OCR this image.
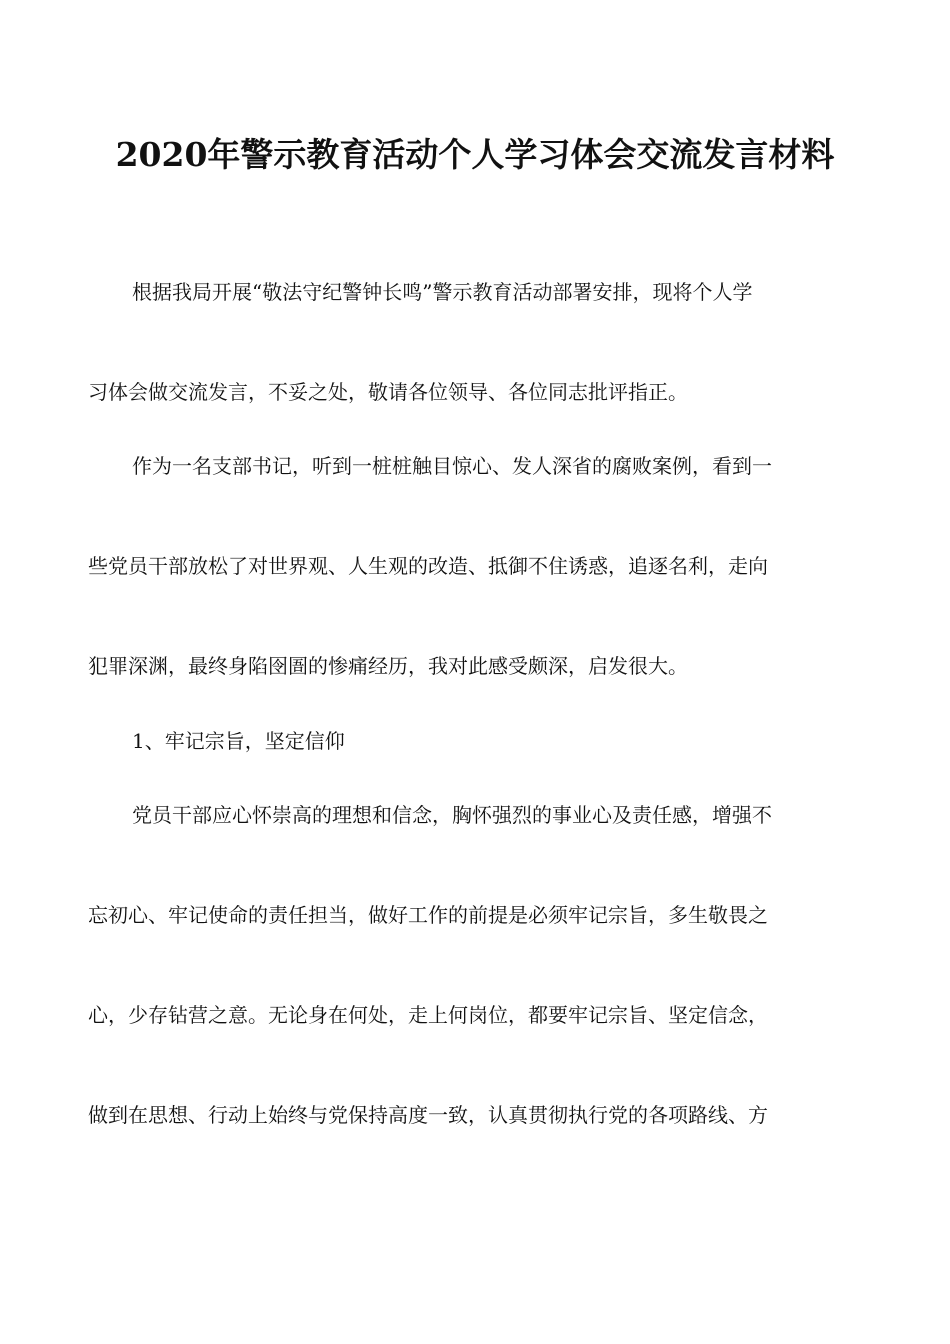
2020年警示教育活动个人学习体会交流发言材料
根据我局开展“敬法守纪警钟长鸣”警示教育活动部署安排，现将个人学
习体会做交流发言，不妥之处，敬请各位领导、各位同志批评指正。
作为一名支部书记，听到一桩桩触目惊心、发人深省的腐败案例，看到一
些党员干部放松了对世界观、人生观的改造、抵御不住诱惑，追逐名利，走向
犯罪深渊，最终身陷囹圄的惨痛经历，我对此感受颇深，启发很大。
1、牢记宗旨，坚定信仰
党员干部应心怀崇高的理想和信念，胸怀强烈的事业心及责任感，增强不
忘初心、牢记使命的责任担当，做好工作的前提是必须牢记宗旨，多生敬畏之
心，少存钻营之意。无论身在何处，走上何岗位，都要牢记宗旨、坚定信念，
做到在思想、行动上始终与党保持高度一致，认真贯彻执行党的各项路线、方
